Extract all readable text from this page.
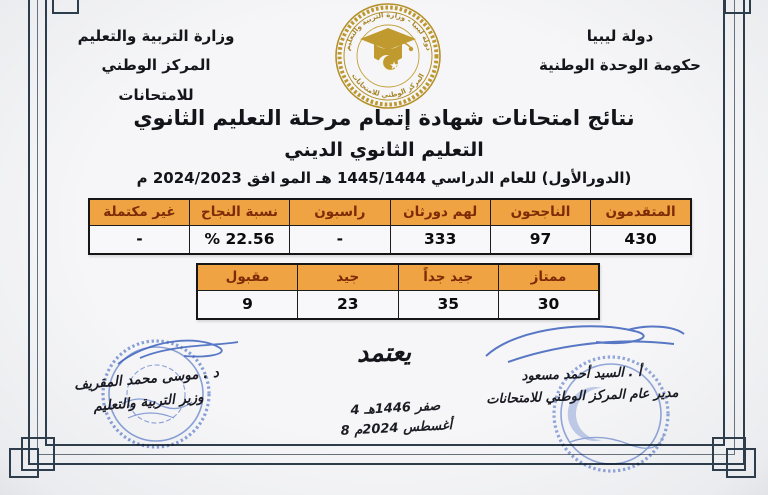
وزارة التربية والتعليم
المركز الوطني للامتحانات
دولة ليبيا
حكومة الوحدة الوطنية
دولة ليبيا - وزارة التربية والتعليم
المركز الوطني للامتحانات
نتائج امتحانات شهادة إتمام مرحلة التعليم الثانوي
التعليم الثانوي الديني
(الدورالأول) للعام الدراسي 1445/1444 هـ المو افق 2024/2023 م
المتقدمون	الناجحون	لهم دورثان	راسبون	نسبة النجاح	غير مكتملة
430	97	333	-	% 22.56	-
ممتاز	جيد جداً	جيد	مقبول
30	35	23	9
يعتمد
4 صفر 1446هـ
8 أغسطس 2024م
د . موسى محمد المقريف
وزير التربية والتعليم
أ . السيد أحمد مسعود
مدير عام المركز الوطني للامتحانات
